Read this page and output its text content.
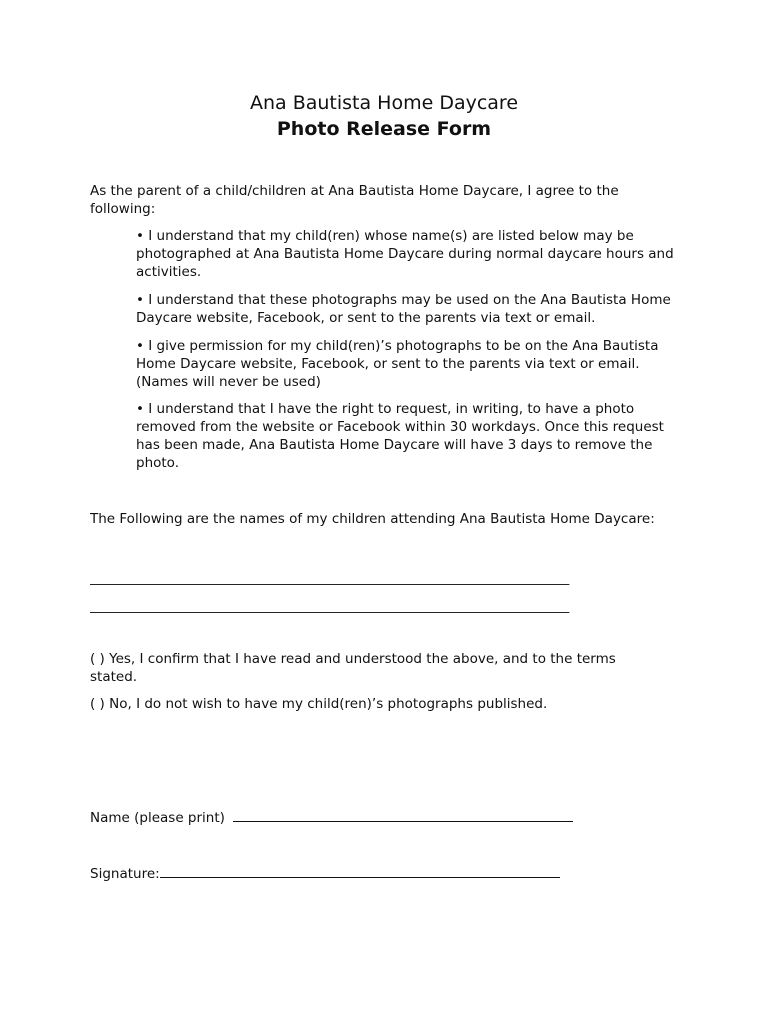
Ana Bautista Home Daycare
Photo Release Form

As the parent of a child/children at Ana Bautista Home Daycare, I agree to the following:

• I understand that my child(ren) whose name(s) are listed below may be photographed at Ana Bautista Home Daycare during normal daycare hours and activities.

• I understand that these photographs may be used on the Ana Bautista Home Daycare website, Facebook, or sent to the parents via text or email.

• I give permission for my child(ren)’s photographs to be on the Ana Bautista Home Daycare website, Facebook, or sent to the parents via text or email. (Names will never be used)

• I understand that I have the right to request, in writing, to have a photo removed from the website or Facebook within 30 workdays. Once this request has been made, Ana Bautista Home Daycare will have 3 days to remove the photo.

The Following are the names of my children attending Ana Bautista Home Daycare:

_______________________________________________________________________
_______________________________________________________________________

( ) Yes, I confirm that I have read and understood the above, and to the terms stated.

( ) No, I do not wish to have my child(ren)’s photographs published.

Name (please print)
Signature:
